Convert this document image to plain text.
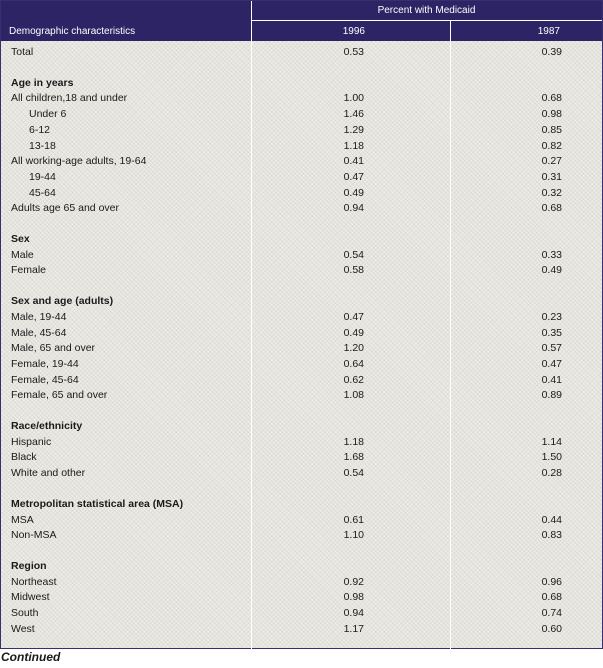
Demographic characteristics
Percent with Medicaid
1996	1987
Total	0.53	0.39
Age in years
All children,18 and under	1.00	0.68
Under 6	1.46	0.98
6-12	1.29	0.85
13-18	1.18	0.82
All working-age adults, 19-64	0.41	0.27
19-44	0.47	0.31
45-64	0.49	0.32
Adults age 65 and over	0.94	0.68
Sex
Male	0.54	0.33
Female	0.58	0.49
Sex and age (adults)
Male, 19-44	0.47	0.23
Male, 45-64	0.49	0.35
Male, 65 and over	1.20	0.57
Female, 19-44	0.64	0.47
Female, 45-64	0.62	0.41
Female, 65 and over	1.08	0.89
Race/ethnicity
Hispanic	1.18	1.14
Black	1.68	1.50
White and other	0.54	0.28
Metropolitan statistical area (MSA)
MSA	0.61	0.44
Non-MSA	1.10	0.83
Region
Northeast	0.92	0.96
Midwest	0.98	0.68
South	0.94	0.74
West	1.17	0.60
Continued
